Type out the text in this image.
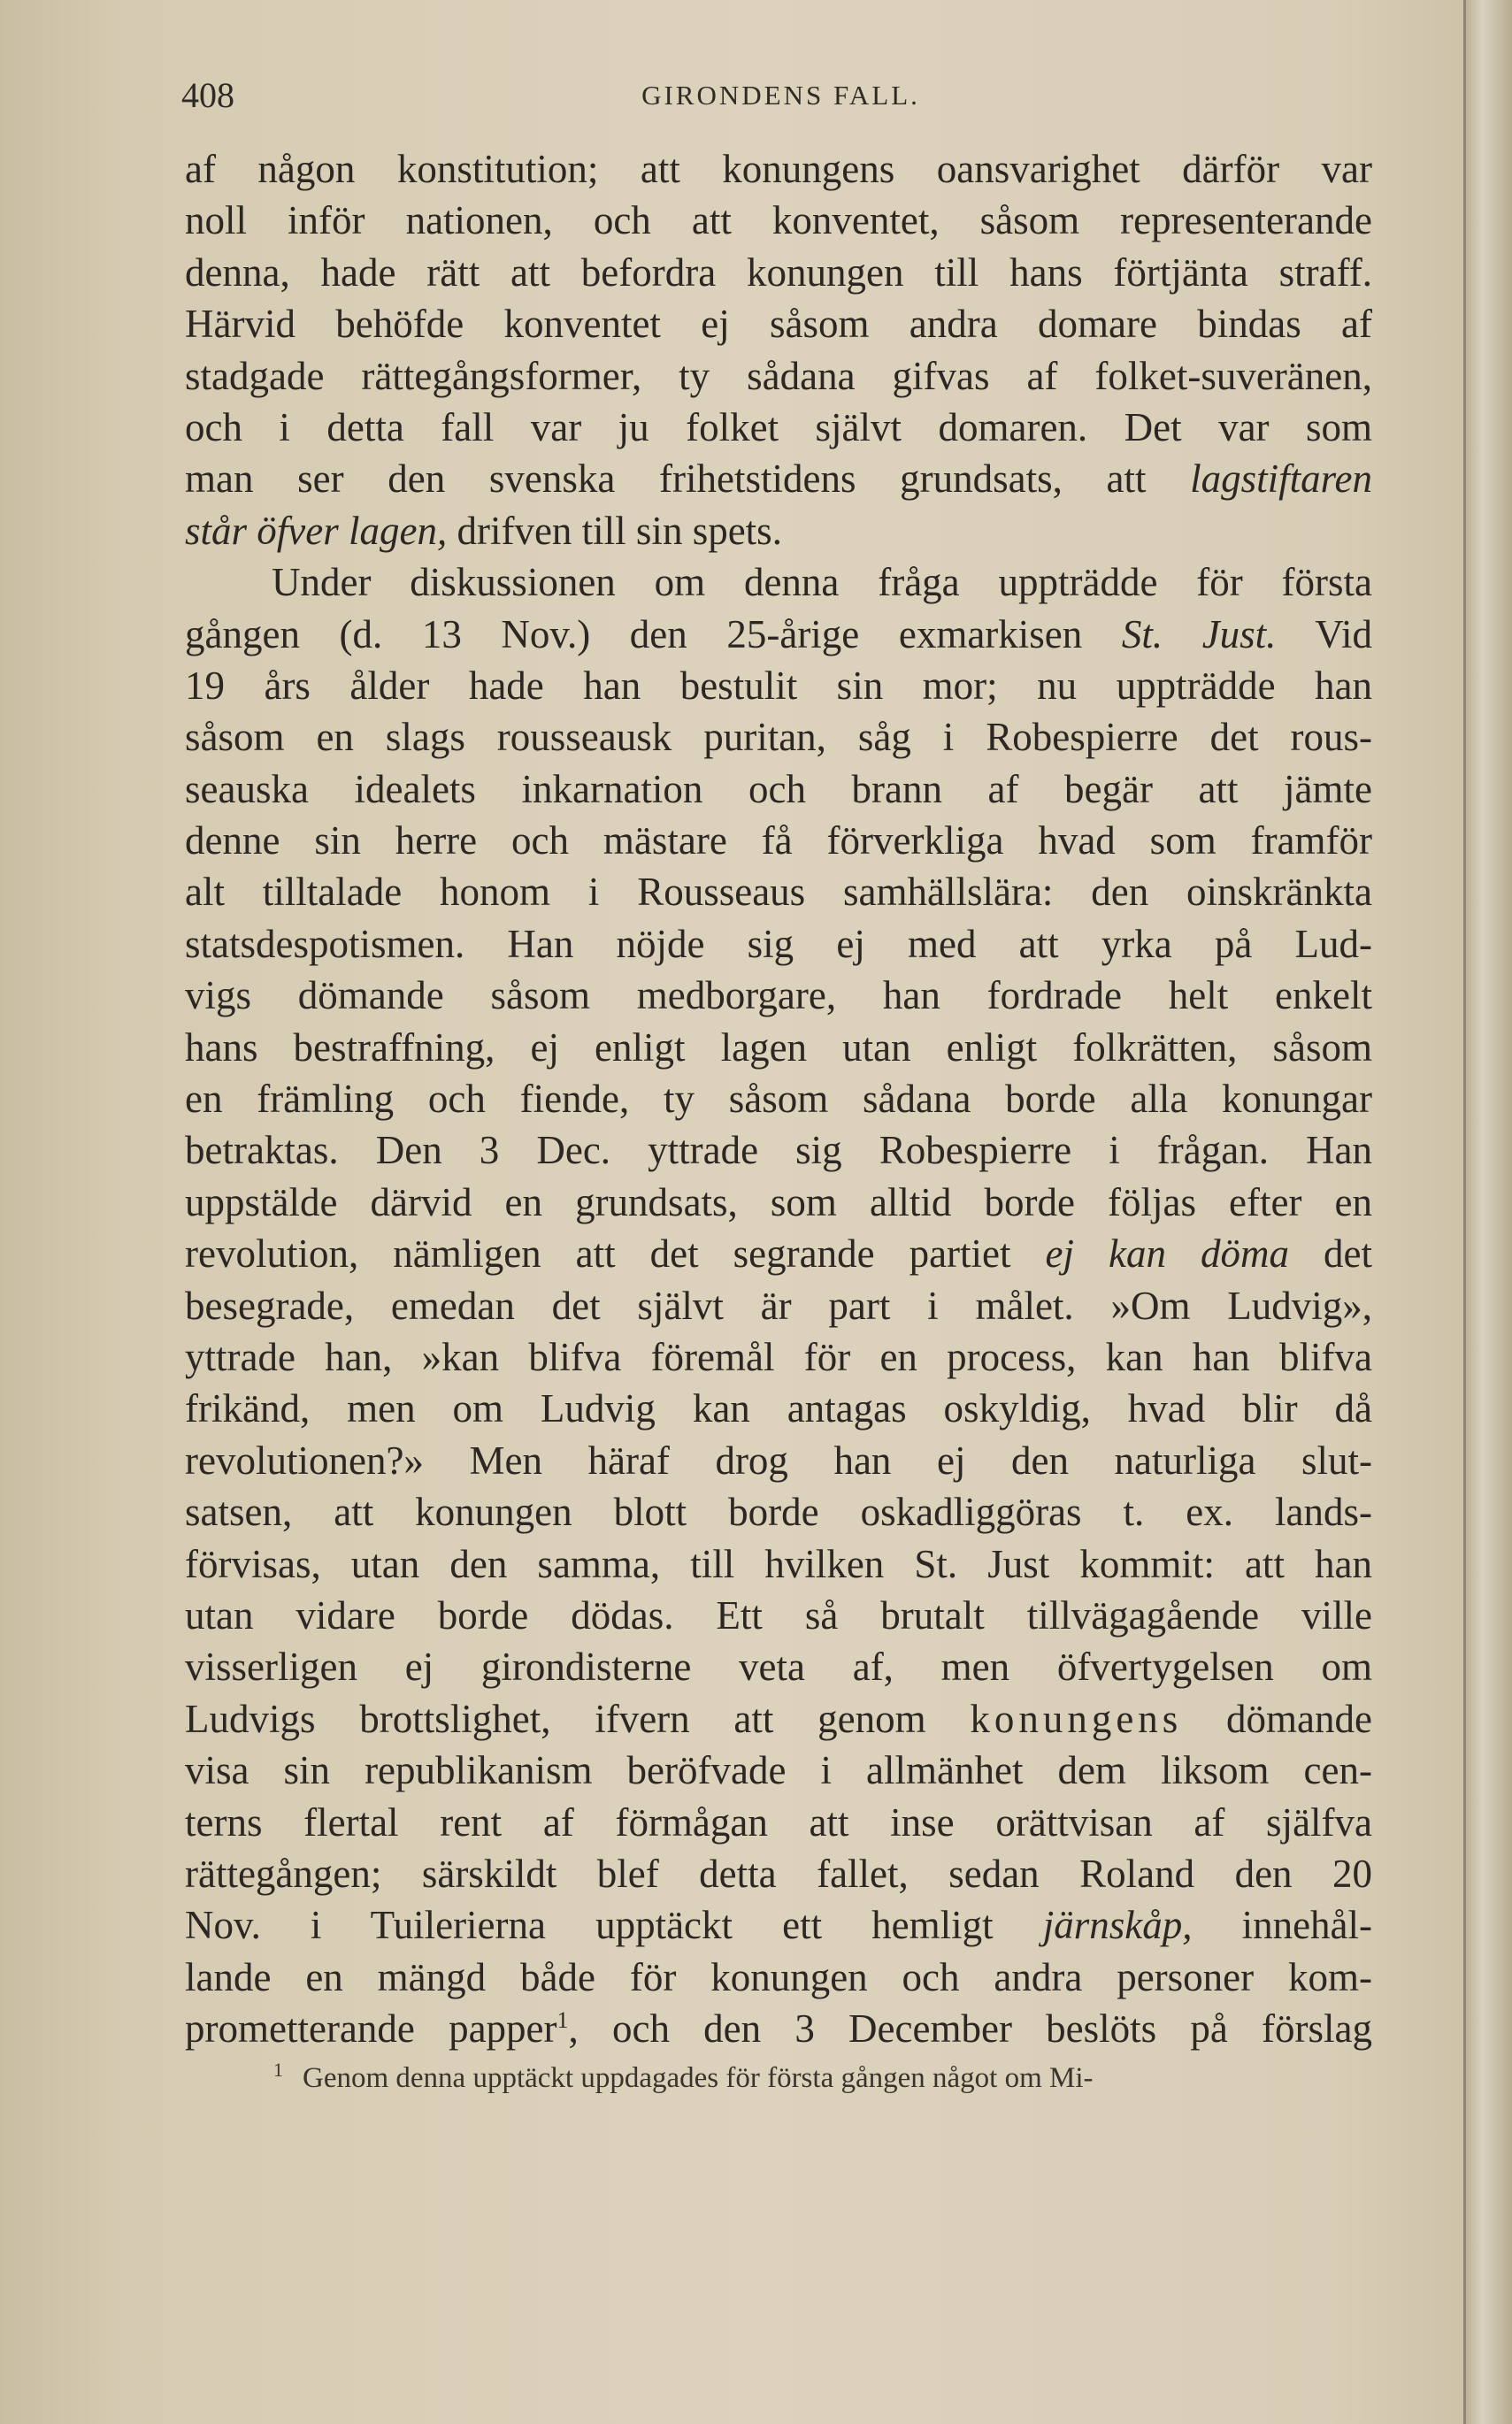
408	GIRONDENS FALL.
af någon konstitution; att konungens oansvarighet därför var
noll inför nationen, och att konventet, såsom representerande
denna, hade rätt att befordra konungen till hans förtjänta straff.
Härvid behöfde konventet ej såsom andra domare bindas af
stadgade rättegångsformer, ty sådana gifvas af folket-suveränen,
och i detta fall var ju folket självt domaren. Det var som
man ser den svenska frihetstidens grundsats, att lagstiftaren
står öfver lagen, drifven till sin spets.
Under diskussionen om denna fråga uppträdde för första
gången (d. 13 Nov.) den 25-årige exmarkisen St. Just. Vid
19 års ålder hade han bestulit sin mor; nu uppträdde han
såsom en slags rousseausk puritan, såg i Robespierre det rous-
seauska idealets inkarnation och brann af begär att jämte
denne sin herre och mästare få förverkliga hvad som framför
alt tilltalade honom i Rousseaus samhällslära: den oinskränkta
statsdespotismen. Han nöjde sig ej med att yrka på Lud-
vigs dömande såsom medborgare, han fordrade helt enkelt
hans bestraffning, ej enligt lagen utan enligt folkrätten, såsom
en främling och fiende, ty såsom sådana borde alla konungar
betraktas. Den 3 Dec. yttrade sig Robespierre i frågan. Han
uppstälde därvid en grundsats, som alltid borde följas efter en
revolution, nämligen att det segrande partiet ej kan döma det
besegrade, emedan det självt är part i målet. »Om Ludvig»,
yttrade han, »kan blifva föremål för en process, kan han blifva
frikänd, men om Ludvig kan antagas oskyldig, hvad blir då
revolutionen?» Men häraf drog han ej den naturliga slut-
satsen, att konungen blott borde oskadliggöras t. ex. lands-
förvisas, utan den samma, till hvilken St. Just kommit: att han
utan vidare borde dödas. Ett så brutalt tillvägagående ville
visserligen ej girondisterne veta af, men öfvertygelsen om
Ludvigs brottslighet, ifvern att genom konungens dömande
visa sin republikanism beröfvade i allmänhet dem liksom cen-
terns flertal rent af förmågan att inse orättvisan af själfva
rättegången; särskildt blef detta fallet, sedan Roland den 20
Nov. i Tuilerierna upptäckt ett hemligt järnskåp, innehål-
lande en mängd både för konungen och andra personer kom-
prometterande papper$^1$, och den 3 December beslöts på förslag
$^1$ Genom denna upptäckt uppdagades för första gången något om Mi-
